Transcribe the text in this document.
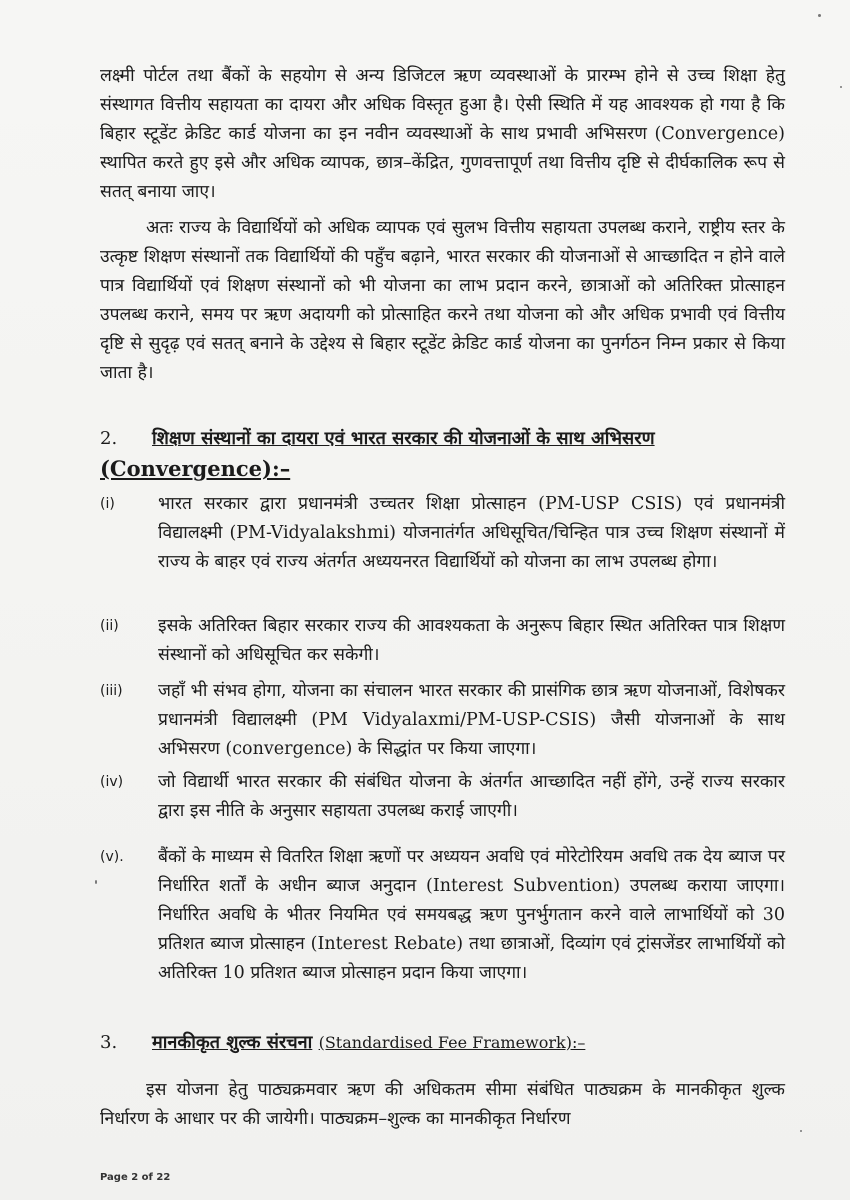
लक्ष्मी पोर्टल तथा बैंकों के सहयोग से अन्य डिजिटल ऋण व्यवस्थाओं के प्रारम्भ होने से उच्च शिक्षा हेतु संस्थागत वित्तीय सहायता का दायरा और अधिक विस्तृत हुआ है। ऐसी स्थिति में यह आवश्यक हो गया है कि बिहार स्टूडेंट क्रेडिट कार्ड योजना का इन नवीन व्यवस्थाओं के साथ प्रभावी अभिसरण (Convergence) स्थापित करते हुए इसे और अधिक व्यापक, छात्र–केंद्रित, गुणवत्तापूर्ण तथा वित्तीय दृष्टि से दीर्घकालिक रूप से सतत् बनाया जाए।

अतः राज्य के विद्यार्थियों को अधिक व्यापक एवं सुलभ वित्तीय सहायता उपलब्ध कराने, राष्ट्रीय स्तर के उत्कृष्ट शिक्षण संस्थानों तक विद्यार्थियों की पहुँच बढ़ाने, भारत सरकार की योजनाओं से आच्छादित न होने वाले पात्र विद्यार्थियों एवं शिक्षण संस्थानों को भी योजना का लाभ प्रदान करने, छात्राओं को अतिरिक्त प्रोत्साहन उपलब्ध कराने, समय पर ऋण अदायगी को प्रोत्साहित करने तथा योजना को और अधिक प्रभावी एवं वित्तीय दृष्टि से सुदृढ़ एवं सतत् बनाने के उद्देश्य से बिहार स्टूडेंट क्रेडिट कार्ड योजना का पुनर्गठन निम्न प्रकार से किया जाता है।

2. शिक्षण संस्थानों का दायरा एवं भारत सरकार की योजनाओं के साथ अभिसरण
(Convergence):–
(i) भारत सरकार द्वारा प्रधानमंत्री उच्चतर शिक्षा प्रोत्साहन (PM-USP CSIS) एवं प्रधानमंत्री विद्यालक्ष्मी (PM-Vidyalakshmi) योजनातंर्गत अधिसूचित/चिन्हित पात्र उच्च शिक्षण संस्थानों में राज्य के बाहर एवं राज्य अंतर्गत अध्ययनरत विद्यार्थियों को योजना का लाभ उपलब्ध होगा।
(ii) इसके अतिरिक्त बिहार सरकार राज्य की आवश्यकता के अनुरूप बिहार स्थित अतिरिक्त पात्र शिक्षण संस्थानों को अधिसूचित कर सकेगी।
(iii) जहाँ भी संभव होगा, योजना का संचालन भारत सरकार की प्रासंगिक छात्र ऋण योजनाओं, विशेषकर प्रधानमंत्री विद्यालक्ष्मी (PM Vidyalaxmi/PM-USP-CSIS) जैसी योजनाओं के साथ अभिसरण (convergence) के सिद्धांत पर किया जाएगा।
(iv) जो विद्यार्थी भारत सरकार की संबंधित योजना के अंतर्गत आच्छादित नहीं होंगे, उन्हें राज्य सरकार द्वारा इस नीति के अनुसार सहायता उपलब्ध कराई जाएगी।
(v). बैंकों के माध्यम से वितरित शिक्षा ऋणों पर अध्ययन अवधि एवं मोरेटोरियम अवधि तक देय ब्याज पर निर्धारित शर्तों के अधीन ब्याज अनुदान (Interest Subvention) उपलब्ध कराया जाएगा। निर्धारित अवधि के भीतर नियमित एवं समयबद्ध ऋण पुनर्भुगतान करने वाले लाभार्थियों को 30 प्रतिशत ब्याज प्रोत्साहन (Interest Rebate) तथा छात्राओं, दिव्यांग एवं ट्रांसजेंडर लाभार्थियों को अतिरिक्त 10 प्रतिशत ब्याज प्रोत्साहन प्रदान किया जाएगा।
3. मानकीकृत शुल्क संरचना (Standardised Fee Framework):–

इस योजना हेतु पाठ्यक्रमवार ऋण की अधिकतम सीमा संबंधित पाठ्यक्रम के मानकीकृत शुल्क निर्धारण के आधार पर की जायेगी। पाठ्यक्रम–शुल्क का मानकीकृत निर्धारण

Page 2 of 22
